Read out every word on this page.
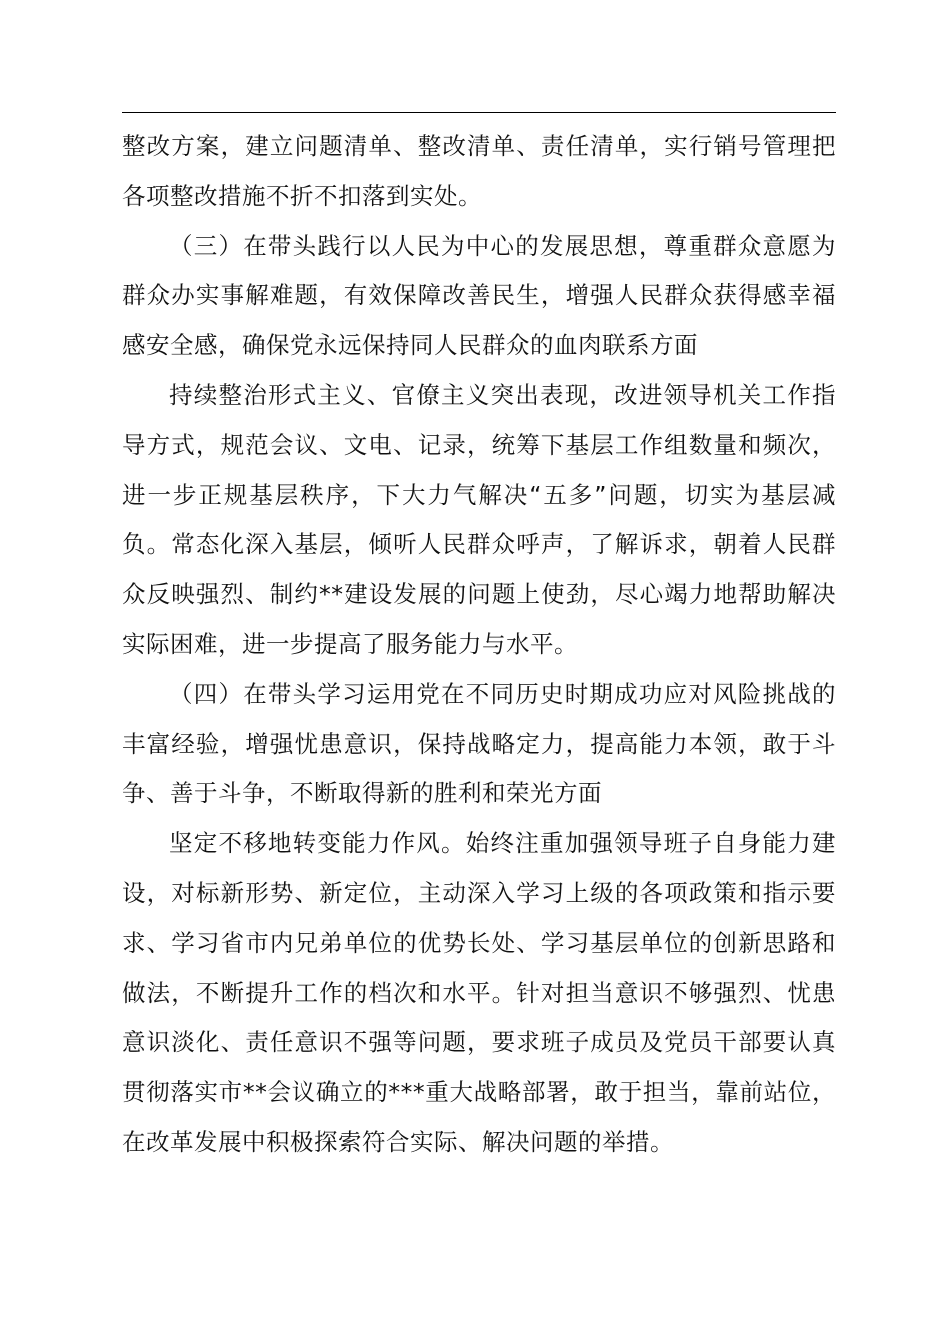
整改方案，建立问题清单、整改清单、责任清单，实行销号管理把各项整改措施不折不扣落到实处。

（三）在带头践行以人民为中心的发展思想，尊重群众意愿为群众办实事解难题，有效保障改善民生，增强人民群众获得感幸福感安全感，确保党永远保持同人民群众的血肉联系方面

持续整治形式主义、官僚主义突出表现，改进领导机关工作指导方式，规范会议、文电、记录，统筹下基层工作组数量和频次，进一步正规基层秩序，下大力气解决“五多”问题，切实为基层减负。常态化深入基层，倾听人民群众呼声，了解诉求，朝着人民群众反映强烈、制约**建设发展的问题上使劲，尽心竭力地帮助解决实际困难，进一步提高了服务能力与水平。

（四）在带头学习运用党在不同历史时期成功应对风险挑战的丰富经验，增强忧患意识，保持战略定力，提高能力本领，敢于斗争、善于斗争，不断取得新的胜利和荣光方面

坚定不移地转变能力作风。始终注重加强领导班子自身能力建设，对标新形势、新定位，主动深入学习上级的各项政策和指示要求、学习省市内兄弟单位的优势长处、学习基层单位的创新思路和做法，不断提升工作的档次和水平。针对担当意识不够强烈、忧患意识淡化、责任意识不强等问题，要求班子成员及党员干部要认真贯彻落实市**会议确立的***重大战略部署，敢于担当，靠前站位，在改革发展中积极探索符合实际、解决问题的举措。
